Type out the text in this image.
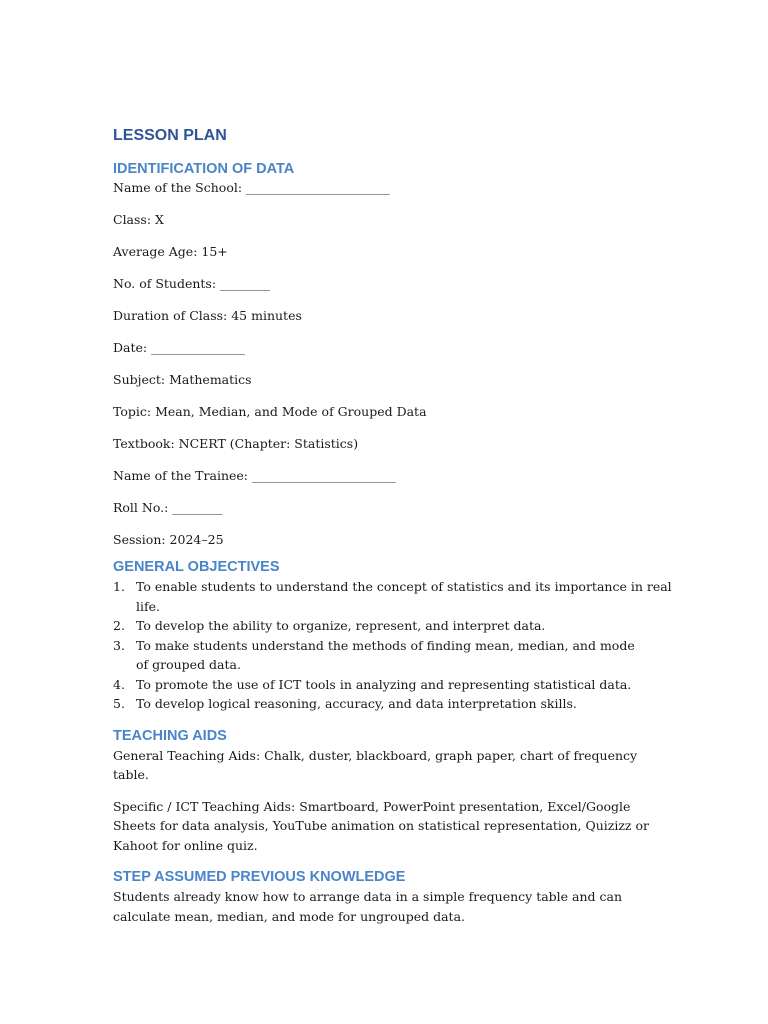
LESSON PLAN
IDENTIFICATION OF DATA
Name of the School: _______________________
Class: X
Average Age: 15+
No. of Students: ________
Duration of Class: 45 minutes
Date: _______________
Subject: Mathematics
Topic: Mean, Median, and Mode of Grouped Data
Textbook: NCERT (Chapter: Statistics)
Name of the Trainee: _______________________
Roll No.: ________
Session: 2024–25
GENERAL OBJECTIVES
1. To enable students to understand the concept of statistics and its importance in real life.
2. To develop the ability to organize, represent, and interpret data.
3. To make students understand the methods of finding mean, median, and mode of grouped data.
4. To promote the use of ICT tools in analyzing and representing statistical data.
5. To develop logical reasoning, accuracy, and data interpretation skills.
TEACHING AIDS

General Teaching Aids: Chalk, duster, blackboard, graph paper, chart of frequency table.

Specific / ICT Teaching Aids: Smartboard, PowerPoint presentation, Excel/Google Sheets for data analysis, YouTube animation on statistical representation, Quizizz or Kahoot for online quiz.

STEP ASSUMED PREVIOUS KNOWLEDGE

Students already know how to arrange data in a simple frequency table and can calculate mean, median, and mode for ungrouped data.
